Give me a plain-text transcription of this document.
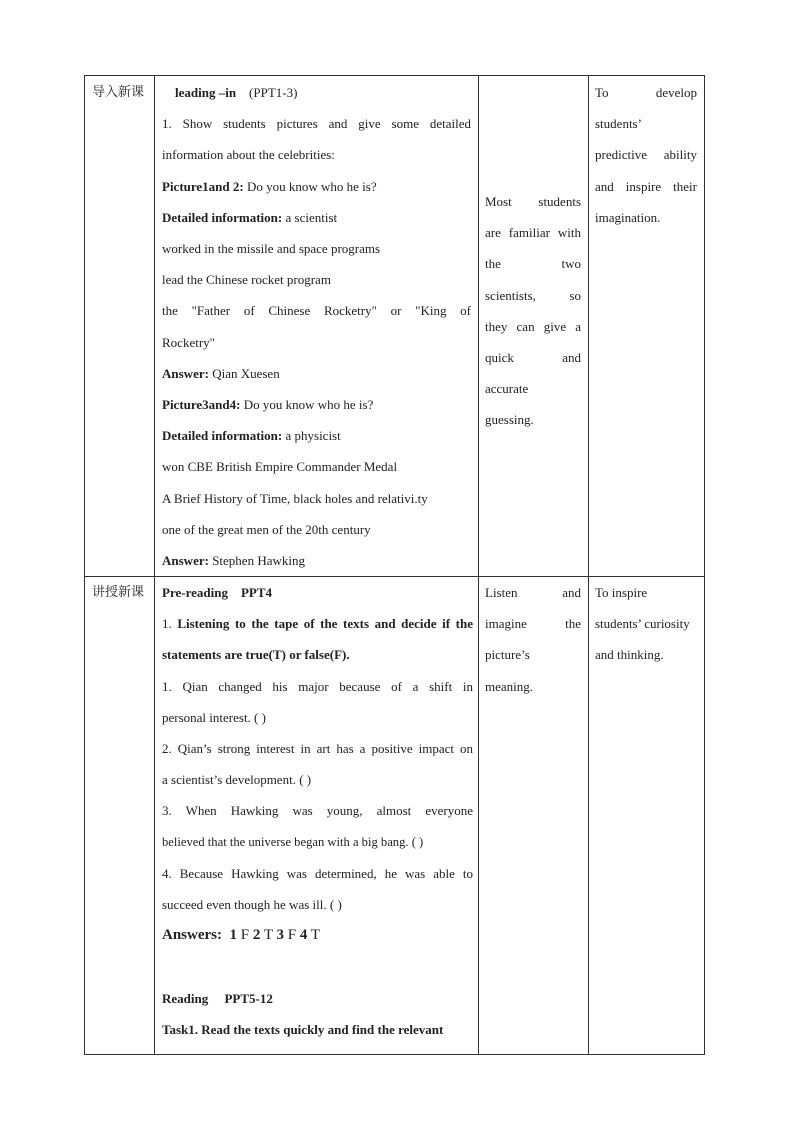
导入新课	leading –in (PPT1-3)
1. Show students pictures and give some detailed
information about the celebrities:
Picture1and 2: Do you know who he is?
Detailed information: a scientist
worked in the missile and space programs
lead the Chinese rocket program
the "Father of Chinese Rocketry" or "King of
Rocketry"
Answer: Qian Xuesen
Picture3and4: Do you know who he is?
Detailed information: a physicist
won CBE British Empire Commander Medal
A Brief History of Time, black holes and relativi.ty
one of the great men of the 20th century
Answer: Stephen Hawking
Most students
are familiar with
the two
scientists, so
they can give a
quick and
accurate
guessing.
To develop
students’
predictive ability
and inspire their
imagination.
讲授新课	Pre-reading PPT4
1. Listening to the tape of the texts and decide if the
statements are true(T) or false(F).
1. Qian changed his major because of a shift in
personal interest. ( )
2. Qian’s strong interest in art has a positive impact on
a scientist’s development. ( )
3. When Hawking was young, almost everyone
believed that the universe began with a big bang. ( )
4. Because Hawking was determined, he was able to
succeed even though he was ill. ( )
Answers: 1 F 2 T 3 F 4 T
Reading     PPT5-12
Task1. Read the texts quickly and find the relevant
Listen and
imagine the
picture’s
meaning.
To inspire
students’ curiosity
and thinking.
